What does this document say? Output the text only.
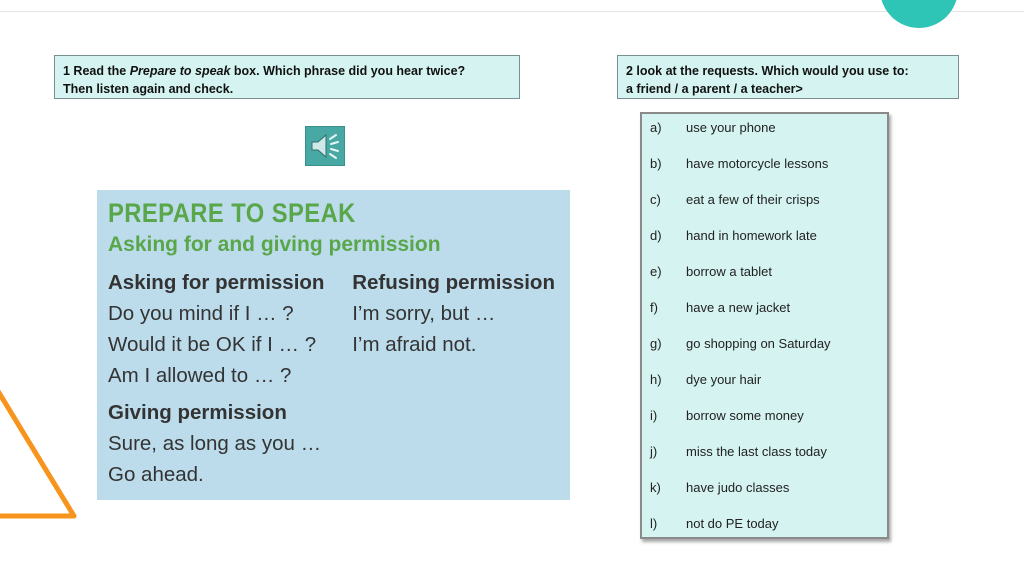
1 Read the Prepare to speak box. Which phrase did you hear twice?
Then listen again and check.
2 look at the requests. Which would you use to:
a friend / a parent / a teacher>
PREPARE TO SPEAK
Asking for and giving permission
Asking for permission
Do you mind if I … ?
Would it be OK if I … ?
Am I allowed to … ?
Giving permission
Sure, as long as you …
Go ahead.
Refusing permission
I’m sorry, but …
I’m afraid not.
a)	use your phone
b)	have motorcycle lessons
c)	eat a few of their crisps
d)	hand in homework late
e)	borrow a tablet
f)	have a new jacket
g)	go shopping on Saturday
h)	dye your hair
i)	borrow some money
j)	miss the last class today
k)	have judo classes
l)	not do PE today
